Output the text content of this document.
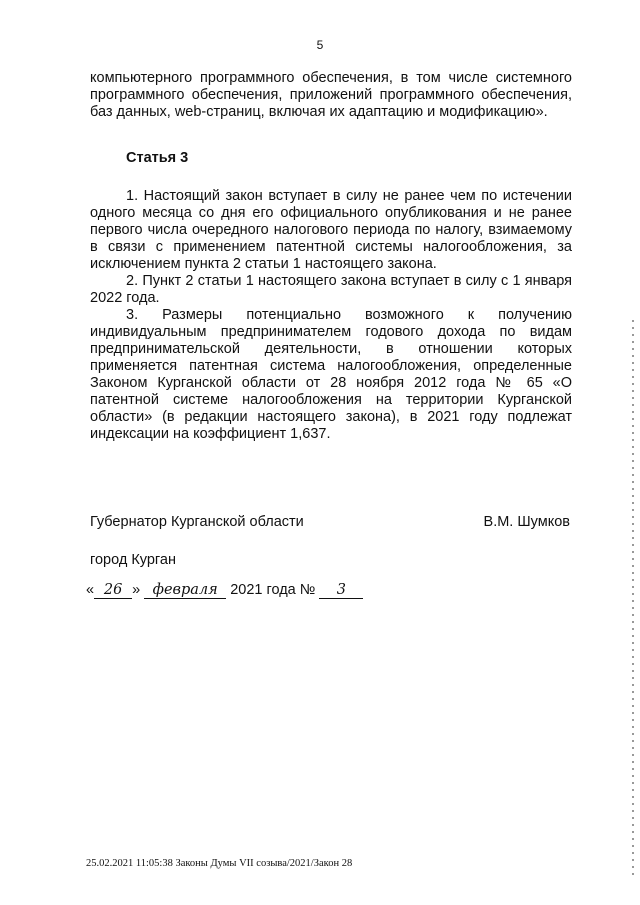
5

компьютерного программного обеспечения, в том числе системного программного обеспечения, приложений программного обеспечения, баз данных, web-страниц, включая их адаптацию и модификацию».

Статья 3

1. Настоящий закон вступает в силу не ранее чем по истечении одного месяца со дня его официального опубликования и не ранее первого числа очередного налогового периода по налогу, взимаемому в связи с применением патентной системы налогообложения, за исключением пункта 2 статьи 1 настоящего закона.

2. Пункт 2 статьи 1 настоящего закона вступает в силу с 1 января 2022 года.

3. Размеры потенциально возможного к получению индивидуальным предпринимателем годового дохода по видам предпринимательской деятельности, в отношении которых применяется патентная система налогообложения, определенные Законом Курганской области от 28 ноября 2012 года № 65 «О патентной системе налогообложения на территории Курганской области» (в редакции настоящего закона), в 2021 году подлежат индексации на коэффициент 1,637.

Губернатор Курганской области	В.М. Шумков
город Курган
« 26 » февраля 2021 года № 3
25.02.2021 11:05:38 Законы Думы VII созыва/2021/Закон 28
